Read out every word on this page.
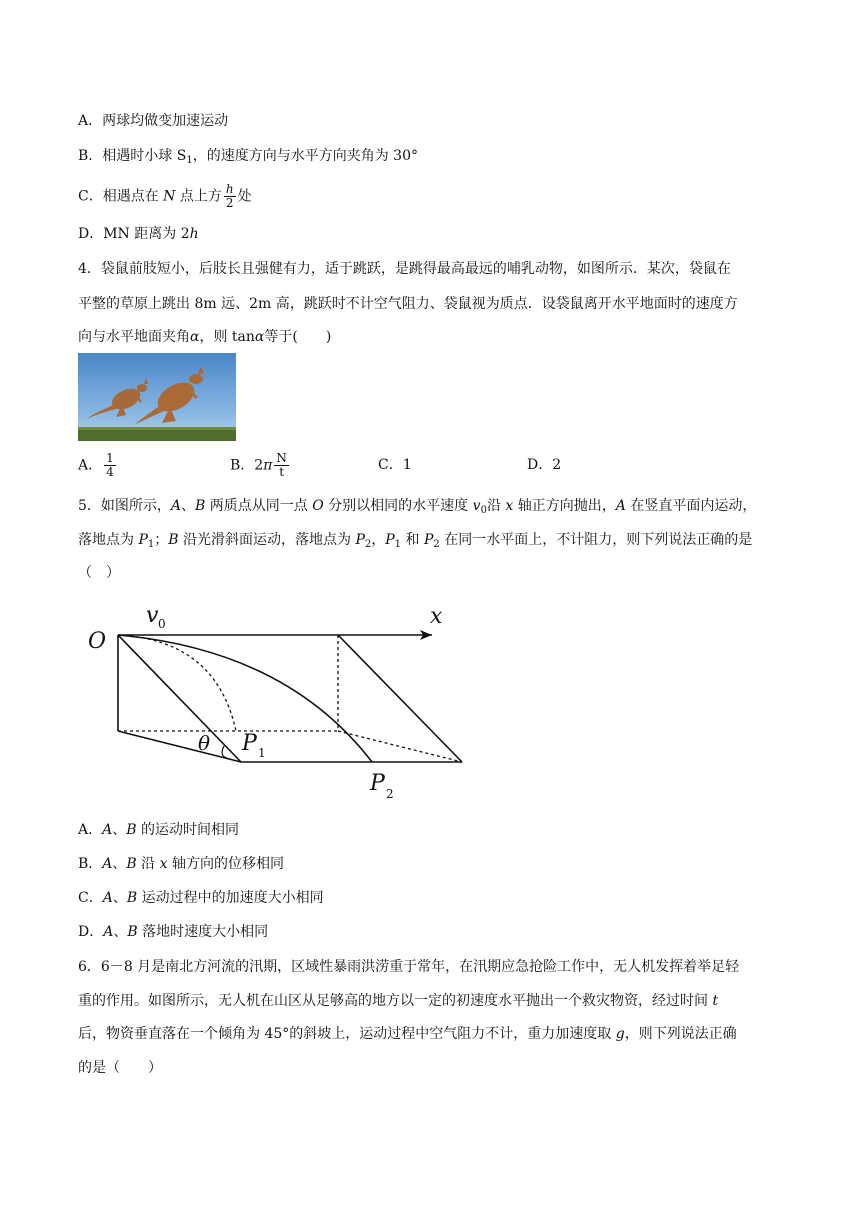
A．两球均做变加速运动
B．相遇时小球 $S_1$，的速度方向与水平方向夹角为 30°
C．相遇点在 N 点上方 $\frac{h}{2}$ 处
D．MN 距离为 2h
4．袋鼠前肢短小，后肢长且强健有力，适于跳跃，是跳得最高最远的哺乳动物，如图所示．某次，袋鼠在
平整的草原上跳出 8m 远、2m 高，跳跃时不计空气阻力、袋鼠视为质点．设袋鼠离开水平地面时的速度方
向与水平地面夹角α，则 tanα等于(　　)
A． $\frac{1}{4}$	B．$2\pi \frac{N}{t}$	C．1	D．2
5．如图所示，A、B 两质点从同一点 O 分别以相同的水平速度 $v_0$沿 x 轴正方向抛出，A 在竖直平面内运动，
落地点为 $P_1$；B 沿光滑斜面运动，落地点为 $P_2$，$P_1$ 和 $P_2$ 在同一水平面上，不计阻力，则下列说法正确的是
（　）
O
v 0	x
θ P 1
P 2
A．A、B 的运动时间相同
B．A、B 沿 x 轴方向的位移相同
C．A、B 运动过程中的加速度大小相同
D．A、B 落地时速度大小相同
6．6－8 月是南北方河流的汛期，区域性暴雨洪涝重于常年，在汛期应急抢险工作中，无人机发挥着举足轻
重的作用。如图所示，无人机在山区从足够高的地方以一定的初速度水平抛出一个救灾物资，经过时间 t
后，物资垂直落在一个倾角为 45°的斜坡上，运动过程中空气阻力不计，重力加速度取 g，则下列说法正确
的是（　　）
